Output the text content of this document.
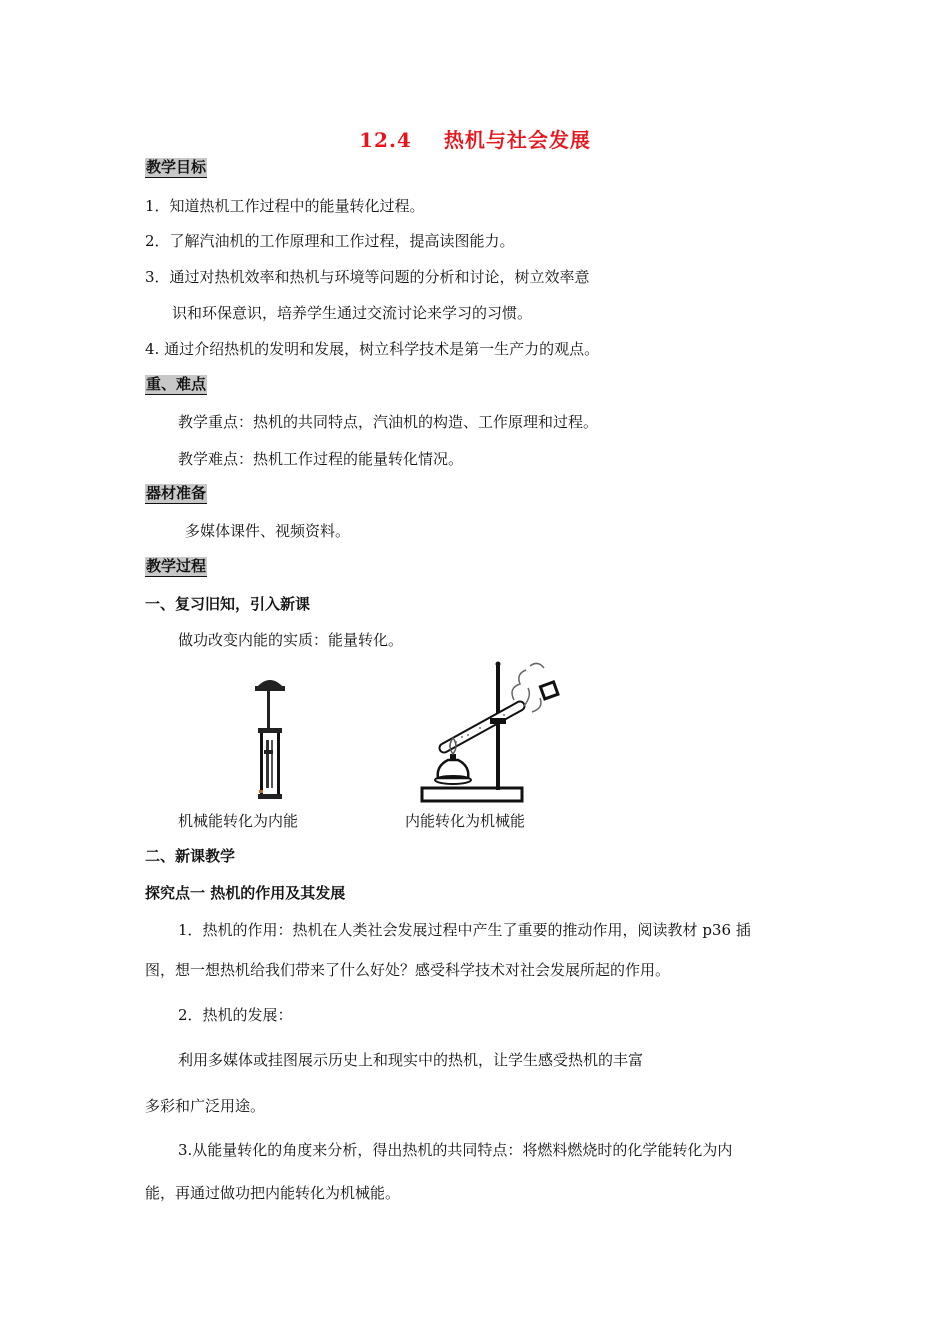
12.4 热机与社会发展
教学目标
1．知道热机工作过程中的能量转化过程。
2．了解汽油机的工作原理和工作过程，提高读图能力。
3．通过对热机效率和热机与环境等问题的分析和讨论，树立效率意
识和环保意识，培养学生通过交流讨论来学习的习惯。
4. 通过介绍热机的发明和发展，树立科学技术是第一生产力的观点。
重、难点
教学重点：热机的共同特点，汽油机的构造、工作原理和过程。
教学难点：热机工作过程的能量转化情况。
器材准备
多媒体课件、视频资料。
教学过程
一、复习旧知，引入新课
做功改变内能的实质：能量转化。
机械能转化为内能	内能转化为机械能
二、新课教学
探究点一 热机的作用及其发展
1．热机的作用：热机在人类社会发展过程中产生了重要的推动作用，阅读教材 p36 插
图，想一想热机给我们带来了什么好处？感受科学技术对社会发展所起的作用。
2．热机的发展：
利用多媒体或挂图展示历史上和现实中的热机，让学生感受热机的丰富
多彩和广泛用途。
3.从能量转化的角度来分析，得出热机的共同特点：将燃料燃烧时的化学能转化为内
能，再通过做功把内能转化为机械能。
